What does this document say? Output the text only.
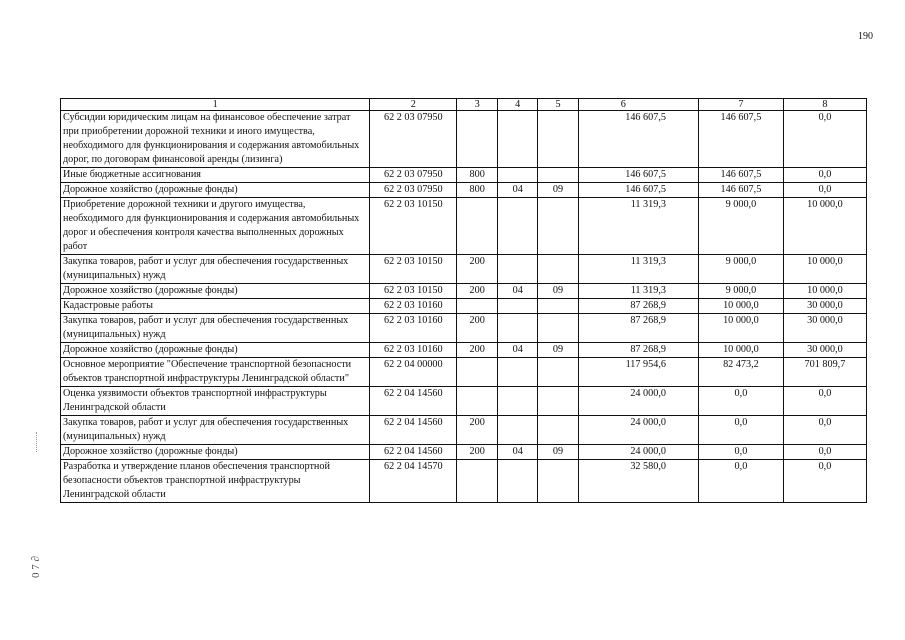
190
1	2	3	4	5	6	7	8
Субсидии юридическим лицам на финансовое обеспечение затрат при приобретении дорожной техники и иного имущества, необходимого для функционирования и содержания автомобильных дорог, по договорам финансовой аренды (лизинга)	62 2 03 07950				146 607,5	146 607,5	0,0
Иные бюджетные ассигнования	62 2 03 07950	800			146 607,5	146 607,5	0,0
Дорожное хозяйство (дорожные фонды)	62 2 03 07950	800	04	09	146 607,5	146 607,5	0,0
Приобретение дорожной техники и другого имущества, необходимого для функционирования и содержания автомобильных дорог и обеспечения контроля качества выполненных дорожных работ	62 2 03 10150				11 319,3	9 000,0	10 000,0
Закупка товаров, работ и услуг для обеспечения государственных (муниципальных) нужд	62 2 03 10150	200			11 319,3	9 000,0	10 000,0
Дорожное хозяйство (дорожные фонды)	62 2 03 10150	200	04	09	11 319,3	9 000,0	10 000,0
Кадастровые работы	62 2 03 10160				87 268,9	10 000,0	30 000,0
Закупка товаров, работ и услуг для обеспечения государственных (муниципальных) нужд	62 2 03 10160	200			87 268,9	10 000,0	30 000,0
Дорожное хозяйство (дорожные фонды)	62 2 03 10160	200	04	09	87 268,9	10 000,0	30 000,0
Основное мероприятие "Обеспечение транспортной безопасности объектов транспортной инфраструктуры Ленинградской области"	62 2 04 00000				117 954,6	82 473,2	701 809,7
Оценка уязвимости объектов транспортной инфраструктуры Ленинградской области	62 2 04 14560				24 000,0	0,0	0,0
Закупка товаров, работ и услуг для обеспечения государственных (муниципальных) нужд	62 2 04 14560	200			24 000,0	0,0	0,0
Дорожное хозяйство (дорожные фонды)	62 2 04 14560	200	04	09	24 000,0	0,0	0,0
Разработка и утверждение планов обеспечения транспортной безопасности объектов транспортной инфраструктуры Ленинградской области	62 2 04 14570				32 580,0	0,0	0,0
0 7 ∂
